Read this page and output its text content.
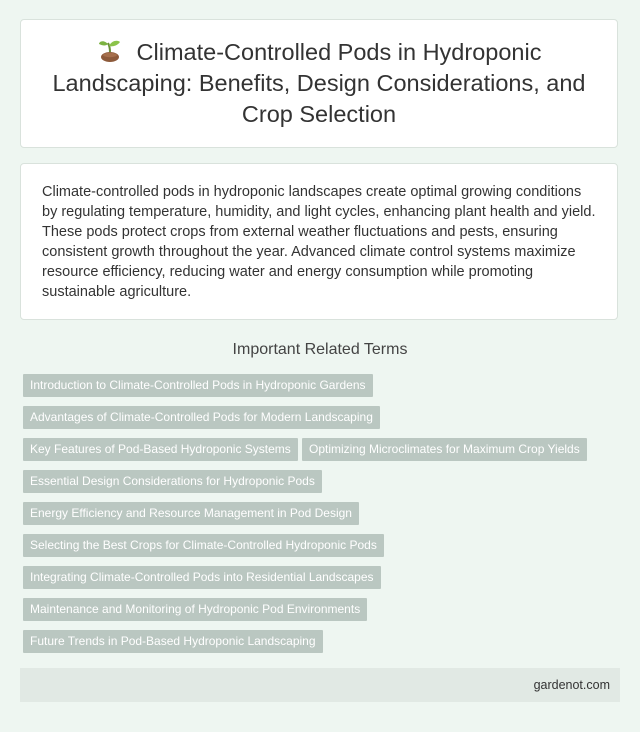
Climate-Controlled Pods in Hydroponic Landscaping: Benefits, Design Considerations, and Crop Selection

Climate-controlled pods in hydroponic landscapes create optimal growing conditions by regulating temperature, humidity, and light cycles, enhancing plant health and yield. These pods protect crops from external weather fluctuations and pests, ensuring consistent growth throughout the year. Advanced climate control systems maximize resource efficiency, reducing water and energy consumption while promoting sustainable agriculture.

Important Related Terms
Introduction to Climate-Controlled Pods in Hydroponic Gardens
Advantages of Climate-Controlled Pods for Modern Landscaping
Key Features of Pod-Based Hydroponic Systems	Optimizing Microclimates for Maximum Crop Yields
Essential Design Considerations for Hydroponic Pods
Energy Efficiency and Resource Management in Pod Design
Selecting the Best Crops for Climate-Controlled Hydroponic Pods
Integrating Climate-Controlled Pods into Residential Landscapes
Maintenance and Monitoring of Hydroponic Pod Environments
Future Trends in Pod-Based Hydroponic Landscaping
gardenot.com
